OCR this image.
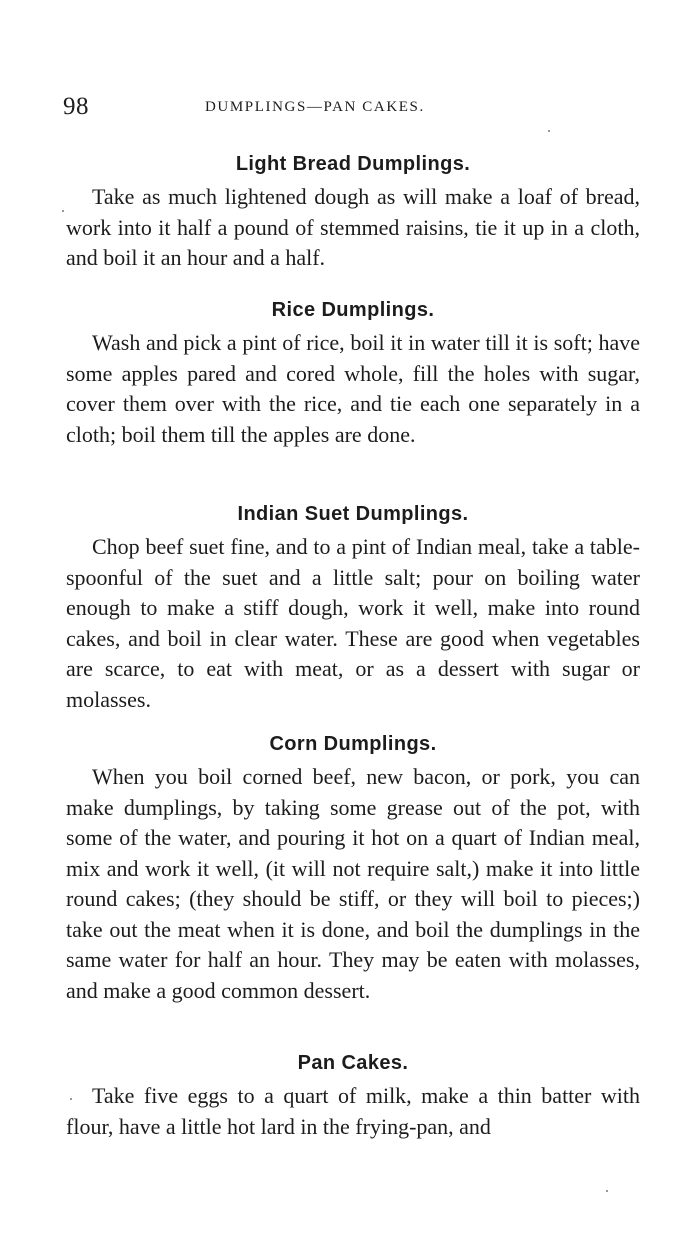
98	DUMPLINGS—PAN CAKES.
Light Bread Dumplings.

Take as much lightened dough as will make a loaf of bread, work into it half a pound of stemmed raisins, tie it up in a cloth, and boil it an hour and a half.

Rice Dumplings.

Wash and pick a pint of rice, boil it in water till it is soft; have some apples pared and cored whole, fill the holes with sugar, cover them over with the rice, and tie each one separately in a cloth; boil them till the apples are done.

Indian Suet Dumplings.

Chop beef suet fine, and to a pint of Indian meal, take a table-spoonful of the suet and a little salt; pour on boiling water enough to make a stiff dough, work it well, make into round cakes, and boil in clear water. These are good when vegetables are scarce, to eat with meat, or as a dessert with sugar or molasses.

Corn Dumplings.

When you boil corned beef, new bacon, or pork, you can make dumplings, by taking some grease out of the pot, with some of the water, and pouring it hot on a quart of Indian meal, mix and work it well, (it will not require salt,) make it into little round cakes; (they should be stiff, or they will boil to pieces;) take out the meat when it is done, and boil the dumplings in the same water for half an hour. They may be eaten with molasses, and make a good common dessert.

Pan Cakes.

Take five eggs to a quart of milk, make a thin batter with flour, have a little hot lard in the frying-pan, and
